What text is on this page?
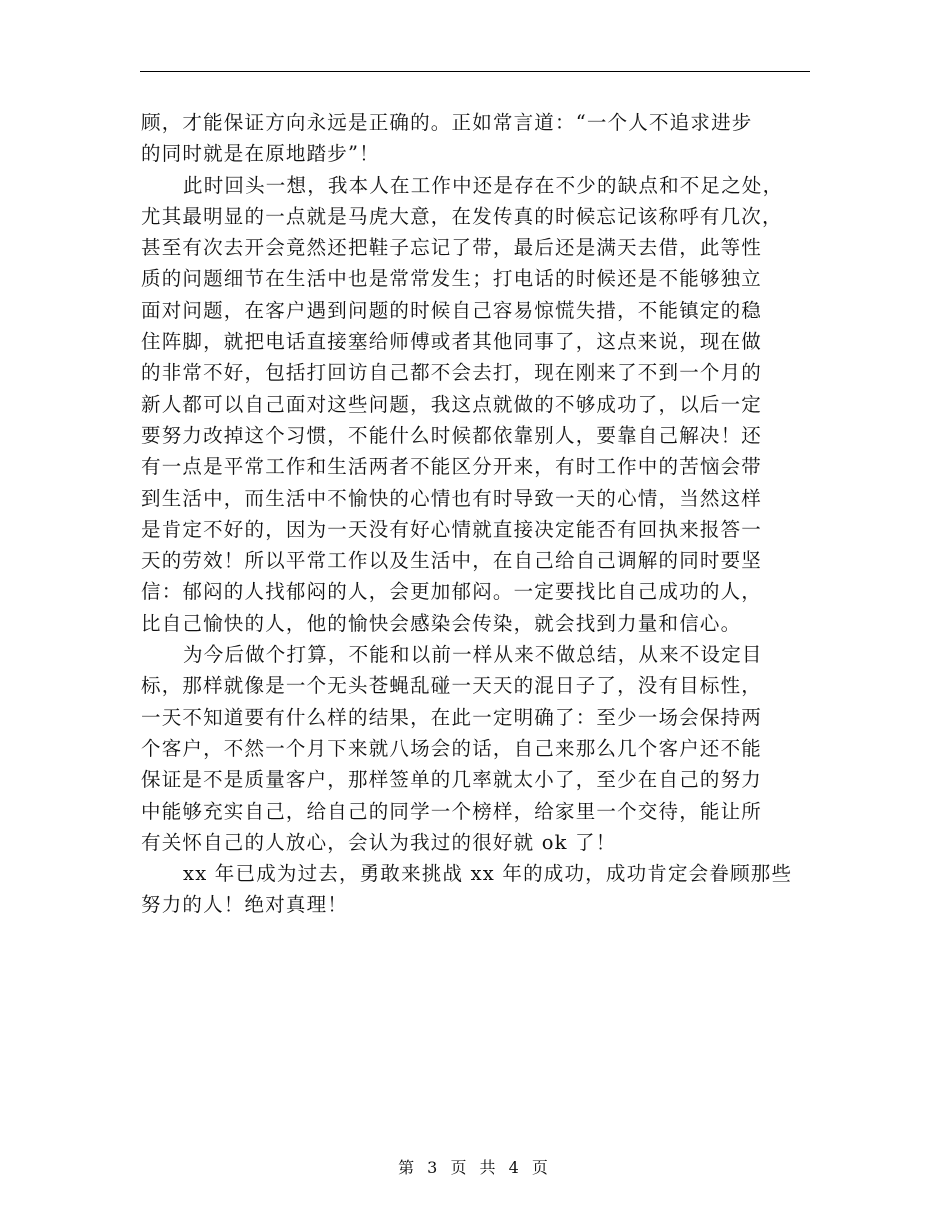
顾，才能保证方向永远是正确的。正如常言道：“一个人不追求进步
的同时就是在原地踏步”！
此时回头一想，我本人在工作中还是存在不少的缺点和不足之处，
尤其最明显的一点就是马虎大意，在发传真的时候忘记该称呼有几次，
甚至有次去开会竟然还把鞋子忘记了带，最后还是满天去借，此等性
质的问题细节在生活中也是常常发生；打电话的时候还是不能够独立
面对问题，在客户遇到问题的时候自己容易惊慌失措，不能镇定的稳
住阵脚，就把电话直接塞给师傅或者其他同事了，这点来说，现在做
的非常不好，包括打回访自己都不会去打，现在刚来了不到一个月的
新人都可以自己面对这些问题，我这点就做的不够成功了，以后一定
要努力改掉这个习惯，不能什么时候都依靠别人，要靠自己解决！还
有一点是平常工作和生活两者不能区分开来，有时工作中的苦恼会带
到生活中，而生活中不愉快的心情也有时导致一天的心情，当然这样
是肯定不好的，因为一天没有好心情就直接决定能否有回执来报答一
天的劳效！所以平常工作以及生活中，在自己给自己调解的同时要坚
信：郁闷的人找郁闷的人，会更加郁闷。一定要找比自己成功的人，
比自己愉快的人，他的愉快会感染会传染，就会找到力量和信心。
为今后做个打算，不能和以前一样从来不做总结，从来不设定目
标，那样就像是一个无头苍蝇乱碰一天天的混日子了，没有目标性，
一天不知道要有什么样的结果，在此一定明确了：至少一场会保持两
个客户，不然一个月下来就八场会的话，自己来那么几个客户还不能
保证是不是质量客户，那样签单的几率就太小了，至少在自己的努力
中能够充实自己，给自己的同学一个榜样，给家里一个交待，能让所
有关怀自己的人放心，会认为我过的很好就 ok 了！
xx 年已成为过去，勇敢来挑战 xx 年的成功，成功肯定会眷顾那些
努力的人！绝对真理！
第 3 页 共 4 页
